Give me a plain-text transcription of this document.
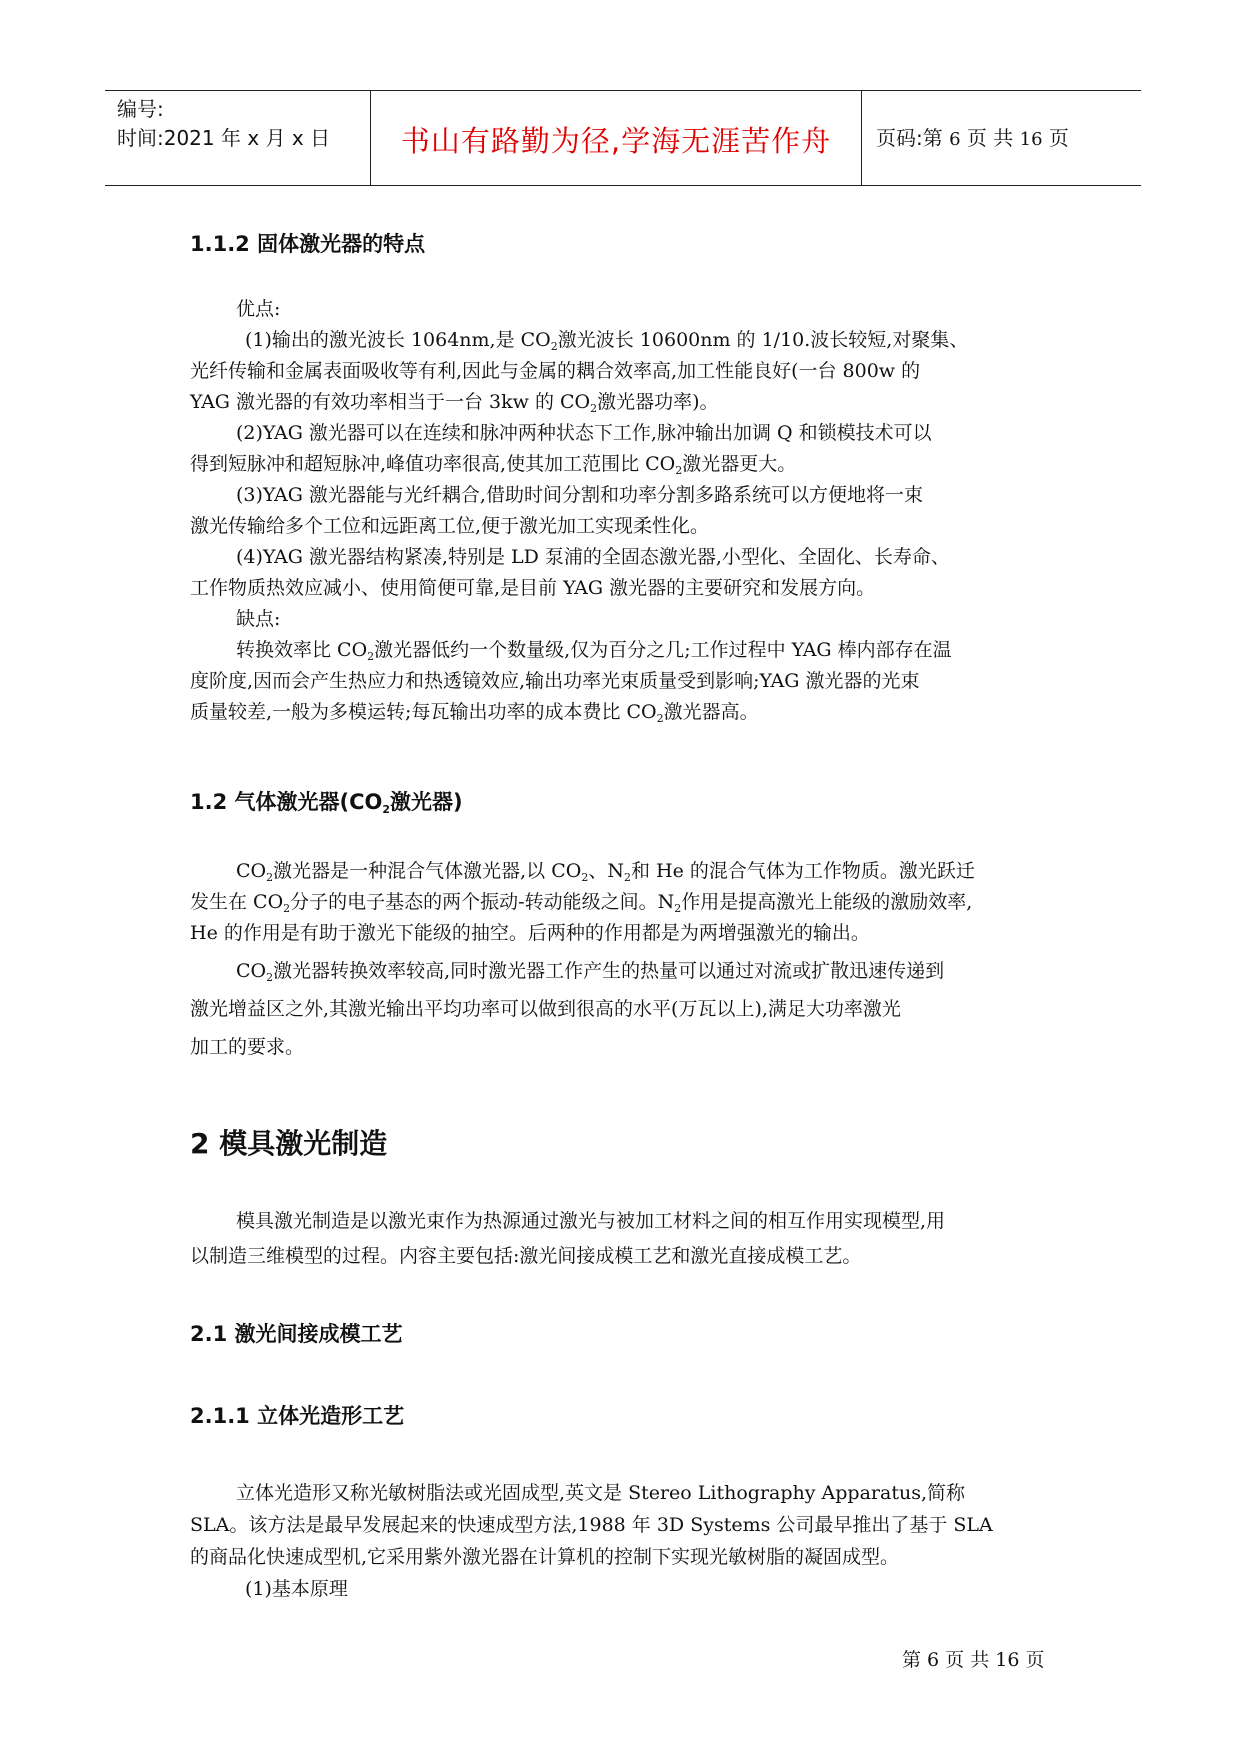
编号:
时间:2021 年 x 月 x 日	书山有路勤为径,学海无涯苦作舟	页码:第 6 页 共 16 页
1.1.2 固体激光器的特点
优点:
(1)输出的激光波长 1064nm,是 $CO_2$激光波长 10600nm 的 1/10.波长较短,对聚集、
光纤传输和金属表面吸收等有利,因此与金属的耦合效率高,加工性能良好(一台 800w 的
YAG 激光器的有效功率相当于一台 3kw 的 $CO_2$激光器功率)。
(2)YAG 激光器可以在连续和脉冲两种状态下工作,脉冲输出加调 Q 和锁模技术可以
得到短脉冲和超短脉冲,峰值功率很高,使其加工范围比 $CO_2$激光器更大。
(3)YAG 激光器能与光纤耦合,借助时间分割和功率分割多路系统可以方便地将一束
激光传输给多个工位和远距离工位,便于激光加工实现柔性化。
(4)YAG 激光器结构紧凑,特别是 LD 泵浦的全固态激光器,小型化、全固化、长寿命、
工作物质热效应减小、使用简便可靠,是目前 YAG 激光器的主要研究和发展方向。
缺点:
转换效率比 $CO_2$激光器低约一个数量级,仅为百分之几;工作过程中 YAG 棒内部存在温
度阶度,因而会产生热应力和热透镜效应,输出功率光束质量受到影响;YAG 激光器的光束
质量较差,一般为多模运转;每瓦输出功率的成本费比 $CO_2$激光器高。
1.2 气体激光器($CO_2$激光器)
$CO_2$激光器是一种混合气体激光器,以 $CO_2$、$N_2$和 He 的混合气体为工作物质。激光跃迁
发生在 $CO_2$分子的电子基态的两个振动-转动能级之间。$N_2$作用是提高激光上能级的激励效率,
He 的作用是有助于激光下能级的抽空。后两种的作用都是为两增强激光的输出。
$CO_2$激光器转换效率较高,同时激光器工作产生的热量可以通过对流或扩散迅速传递到
激光增益区之外,其激光输出平均功率可以做到很高的水平(万瓦以上),满足大功率激光
加工的要求。
2 模具激光制造
模具激光制造是以激光束作为热源通过激光与被加工材料之间的相互作用实现模型,用
以制造三维模型的过程。内容主要包括:激光间接成模工艺和激光直接成模工艺。
2.1 激光间接成模工艺
2.1.1 立体光造形工艺
立体光造形又称光敏树脂法或光固成型,英文是 Stereo Lithography Apparatus,简称
SLA。该方法是最早发展起来的快速成型方法,1988 年 3D Systems 公司最早推出了基于 SLA
的商品化快速成型机,它采用紫外激光器在计算机的控制下实现光敏树脂的凝固成型。
(1)基本原理
第 6 页 共 16 页
